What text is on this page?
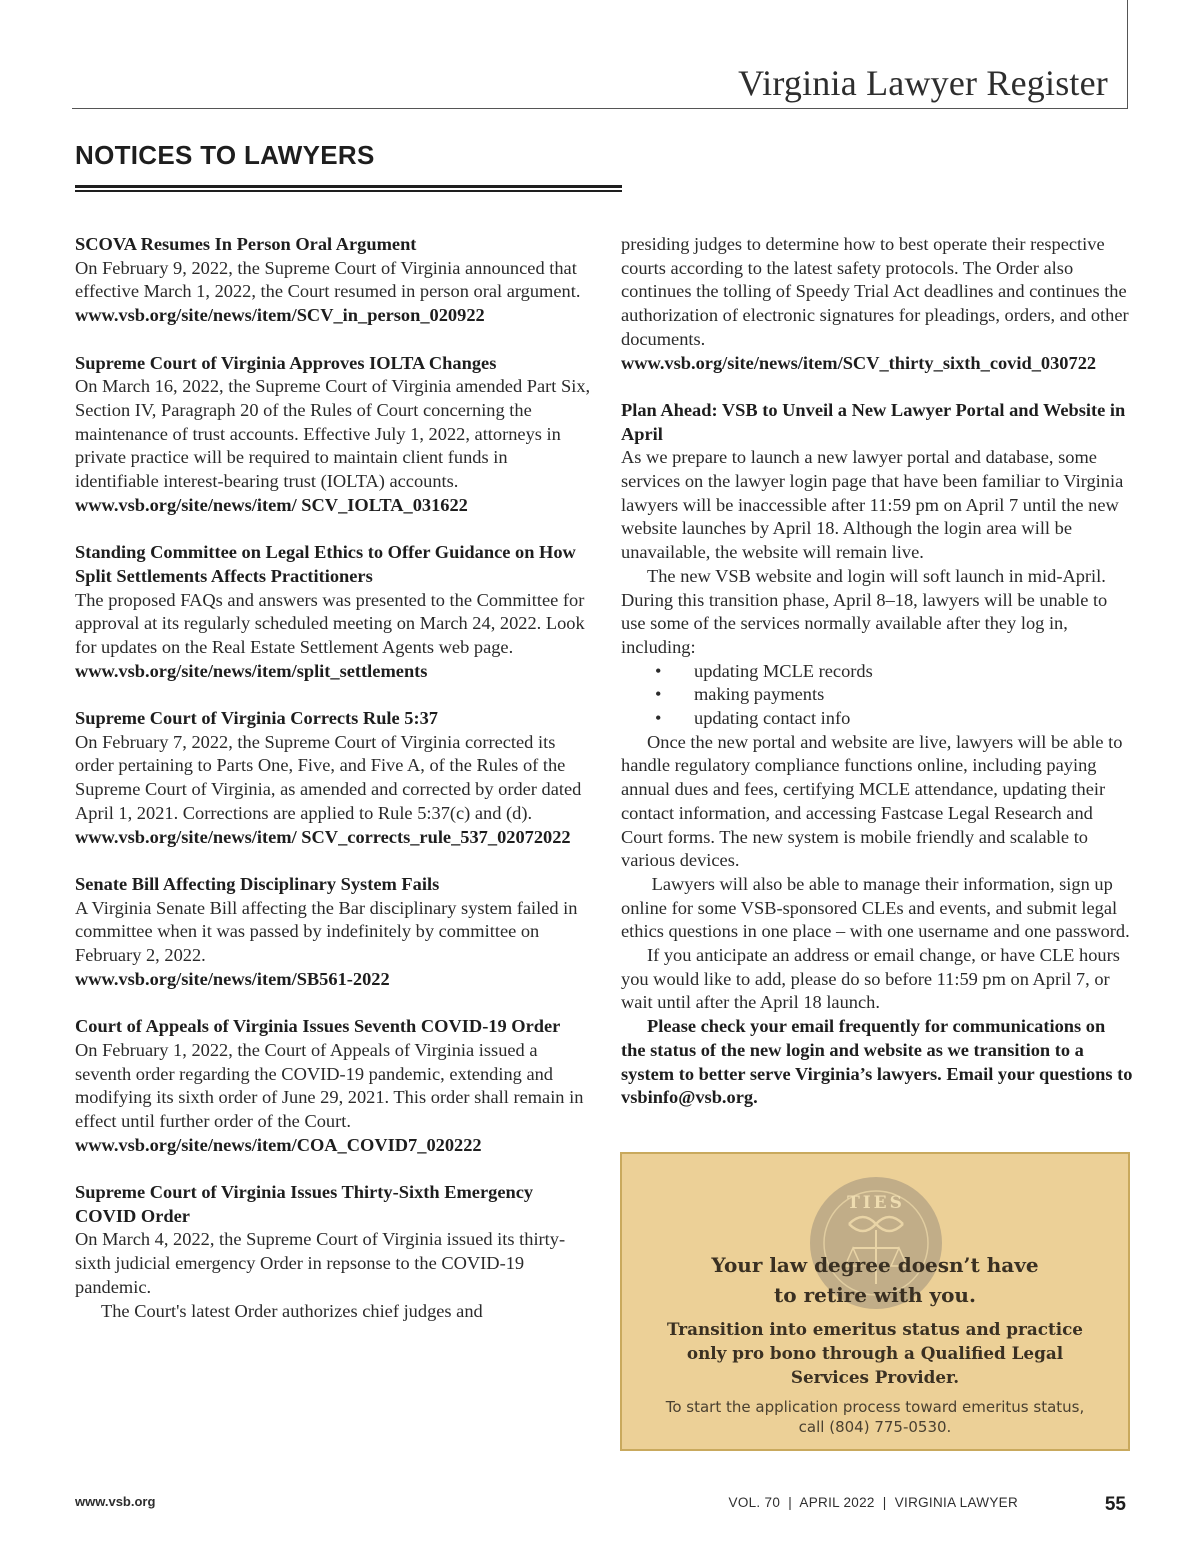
Virginia Lawyer Register
NOTICES TO LAWYERS
SCOVA Resumes In Person Oral Argument
On February 9, 2022, the Supreme Court of Virginia announced that effective March 1, 2022, the Court resumed in person oral argument.
www.vsb.org/site/news/item/SCV_in_person_020922
Supreme Court of Virginia Approves IOLTA Changes
On March 16, 2022, the Supreme Court of Virginia amended Part Six, Section IV, Paragraph 20 of the Rules of Court concerning the maintenance of trust accounts. Effective July 1, 2022, attorneys in private practice will be required to maintain client funds in identifiable interest-bearing trust (IOLTA) accounts.
www.vsb.org/site/news/item/ SCV_IOLTA_031622
Standing Committee on Legal Ethics to Offer Guidance on How Split Settlements Affects Practitioners
The proposed FAQs and answers was presented to the Committee for approval at its regularly scheduled meeting on March 24, 2022. Look for updates on the Real Estate Settlement Agents web page.
www.vsb.org/site/news/item/split_settlements
Supreme Court of Virginia Corrects Rule 5:37
On February 7, 2022, the Supreme Court of Virginia corrected its order pertaining to Parts One, Five, and Five A, of the Rules of the Supreme Court of Virginia, as amended and corrected by order dated April 1, 2021. Corrections are applied to Rule 5:37(c) and (d).
www.vsb.org/site/news/item/ SCV_corrects_rule_537_02072022
Senate Bill Affecting Disciplinary System Fails
A Virginia Senate Bill affecting the Bar disciplinary system failed in committee when it was passed by indefinitely by committee on February 2, 2022.
www.vsb.org/site/news/item/SB561-2022
Court of Appeals of Virginia Issues Seventh COVID-19 Order
On February 1, 2022, the Court of Appeals of Virginia issued a seventh order regarding the COVID-19 pandemic, extending and modifying its sixth order of June 29, 2021. This order shall remain in effect until further order of the Court.
www.vsb.org/site/news/item/COA_COVID7_020222
Supreme Court of Virginia Issues Thirty-Sixth Emergency COVID Order
On March 4, 2022, the Supreme Court of Virginia issued its thirty-sixth judicial emergency Order in repsonse to the COVID-19 pandemic.
The Court's latest Order authorizes chief judges and
presiding judges to determine how to best operate their respective courts according to the latest safety protocols. The Order also continues the tolling of Speedy Trial Act deadlines and continues the authorization of electronic signatures for pleadings, orders, and other documents.
www.vsb.org/site/news/item/SCV_thirty_sixth_covid_030722
Plan Ahead: VSB to Unveil a New Lawyer Portal and Website in April
As we prepare to launch a new lawyer portal and database, some services on the lawyer login page that have been familiar to Virginia lawyers will be inaccessible after 11:59 pm on April 7 until the new website launches by April 18. Although the login area will be unavailable, the website will remain live.
The new VSB website and login will soft launch in mid-April. During this transition phase, April 8–18, lawyers will be unable to use some of the services normally available after they log in, including:
• updating MCLE records
• making payments
• updating contact info
Once the new portal and website are live, lawyers will be able to handle regulatory compliance functions online, including paying annual dues and fees, certifying MCLE attendance, updating their contact information, and accessing Fastcase Legal Research and Court forms. The new system is mobile friendly and scalable to various devices.
Lawyers will also be able to manage their information, sign up online for some VSB-sponsored CLEs and events, and submit legal ethics questions in one place – with one username and one password.
If you anticipate an address or email change, or have CLE hours you would like to add, please do so before 11:59 pm on April 7, or wait until after the April 18 launch.
Please check your email frequently for communications on the status of the new login and website as we transition to a system to better serve Virginia’s lawyers. Email your questions to vsbinfo@vsb.org.
TIES
Your law degree doesn’t have
to retire with you.
Transition into emeritus status and practice
only pro bono through a Qualified Legal
Services Provider.
To start the application process toward emeritus status,
call (804) 775-0530.
www.vsb.org	VOL. 70  |  APRIL 2022  |  VIRGINIA LAWYER	55
